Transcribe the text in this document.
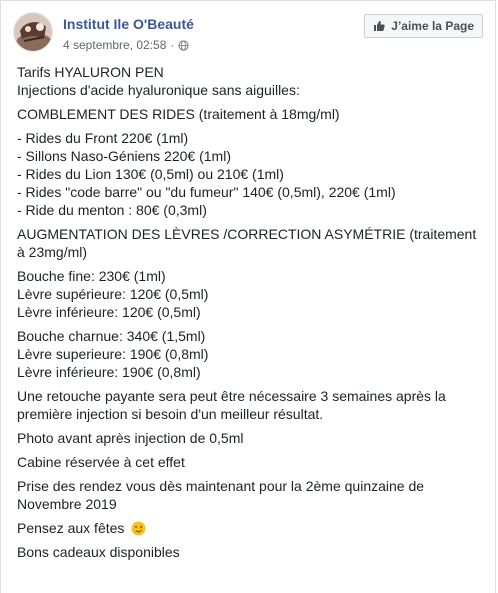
Institut Ile O'Beauté
4 septembre, 02:58 ·
J’aime la Page

Tarifs HYALURON PEN
Injections d'acide hyaluronique sans aiguilles:

COMBLEMENT DES RIDES (traitement à 18mg/ml)

- Rides du Front 220€ (1ml)
- Sillons Naso-Géniens 220€ (1ml)
- Rides du Lion 130€ (0,5ml) ou 210€ (1ml)
- Rides "code barre" ou "du fumeur" 140€ (0,5ml), 220€ (1ml)
- Ride du menton : 80€ (0,3ml)

AUGMENTATION DES LÈVRES /CORRECTION ASYMÉTRIE (traitement à 23mg/ml)

Bouche fine: 230€ (1ml)
Lèvre supérieure: 120€ (0,5ml)
Lèvre inférieure: 120€ (0,5ml)

Bouche charnue: 340€ (1,5ml)
Lèvre superieure: 190€ (0,8ml)
Lèvre inférieure: 190€ (0,8ml)

Une retouche payante sera peut être nécessaire 3 semaines après la première injection si besoin d'un meilleur résultat.

Photo avant après injection de 0,5ml

Cabine réservée à cet effet

Prise des rendez vous dès maintenant pour la 2ème quinzaine de Novembre 2019

Pensez aux fêtes

Bons cadeaux disponibles
